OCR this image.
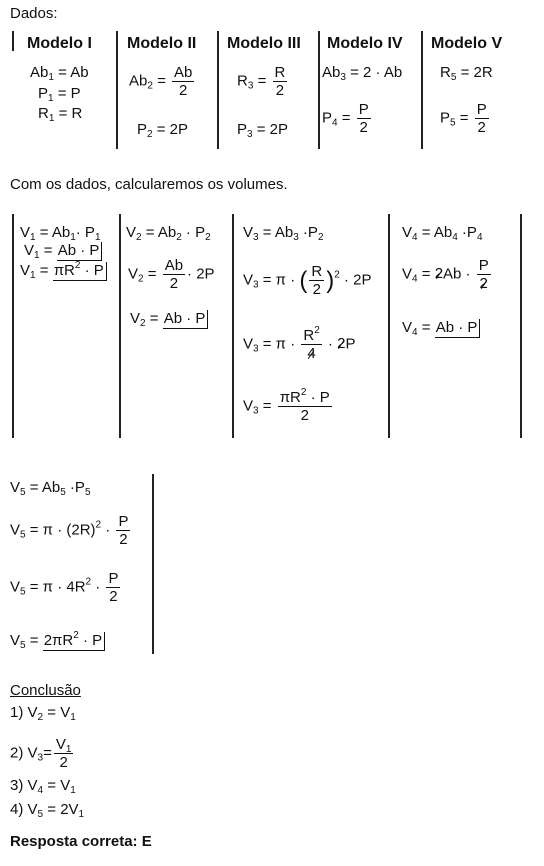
Dados:
Modelo I
$Ab_1 = Ab$
$P_1 = P$
$R_1 = R$
Modelo II
$Ab_2 = \frac{Ab}{2}$
$P_2 = 2P$
Modelo III
$R_3 = \frac{R}{2}$
$P_3 = 2P$
Modelo IV
$Ab_3 = 2 \cdot Ab$
$P_4 = \frac{P}{2}$
Modelo V
$R_5 = 2R$
$P_5 = \frac{P}{2}$
Com os dados, calcularemos os volumes.
$V_1 = Ab_1\cdot P_1$
$V_1 = Ab \cdot P$
$V_1 = \pi R^2 \cdot P$
$V_2 = Ab_2 \cdot P_2$
$V_2 = \frac{Ab}{2} \cdot 2P$
$V_2 = Ab \cdot P$
$V_3 = Ab_3 \cdot P_2$
$V_3 = \pi$ · ( $\frac{R}{2} )^2 \cdot 2P$
$V_3 = \pi \cdot \frac{R^2}{4} \cdot 2P$
$V_3 = \frac{\pi R^2 \cdot P}{2}$
$V_4 = Ab_4 \cdot P_4$
$V_4 = 2Ab \cdot \frac{P}{2}$
$V_4 = Ab \cdot P$
$V_5 = Ab_5 \cdot P_5$
$V_5 = \pi \cdot (2R)^2 \cdot \frac{P}{2}$
$V_5 = \pi \cdot 4R^2 \cdot \frac{P}{2}$
$V_5 = 2\pi R^2 \cdot P$
Conclusão
1) $V_2 = V_1$
2) $V_3= \frac{V_1}{2}$
3) $V_4 = V_1$
4) $V_5 = 2V_1$
Resposta correta: E
